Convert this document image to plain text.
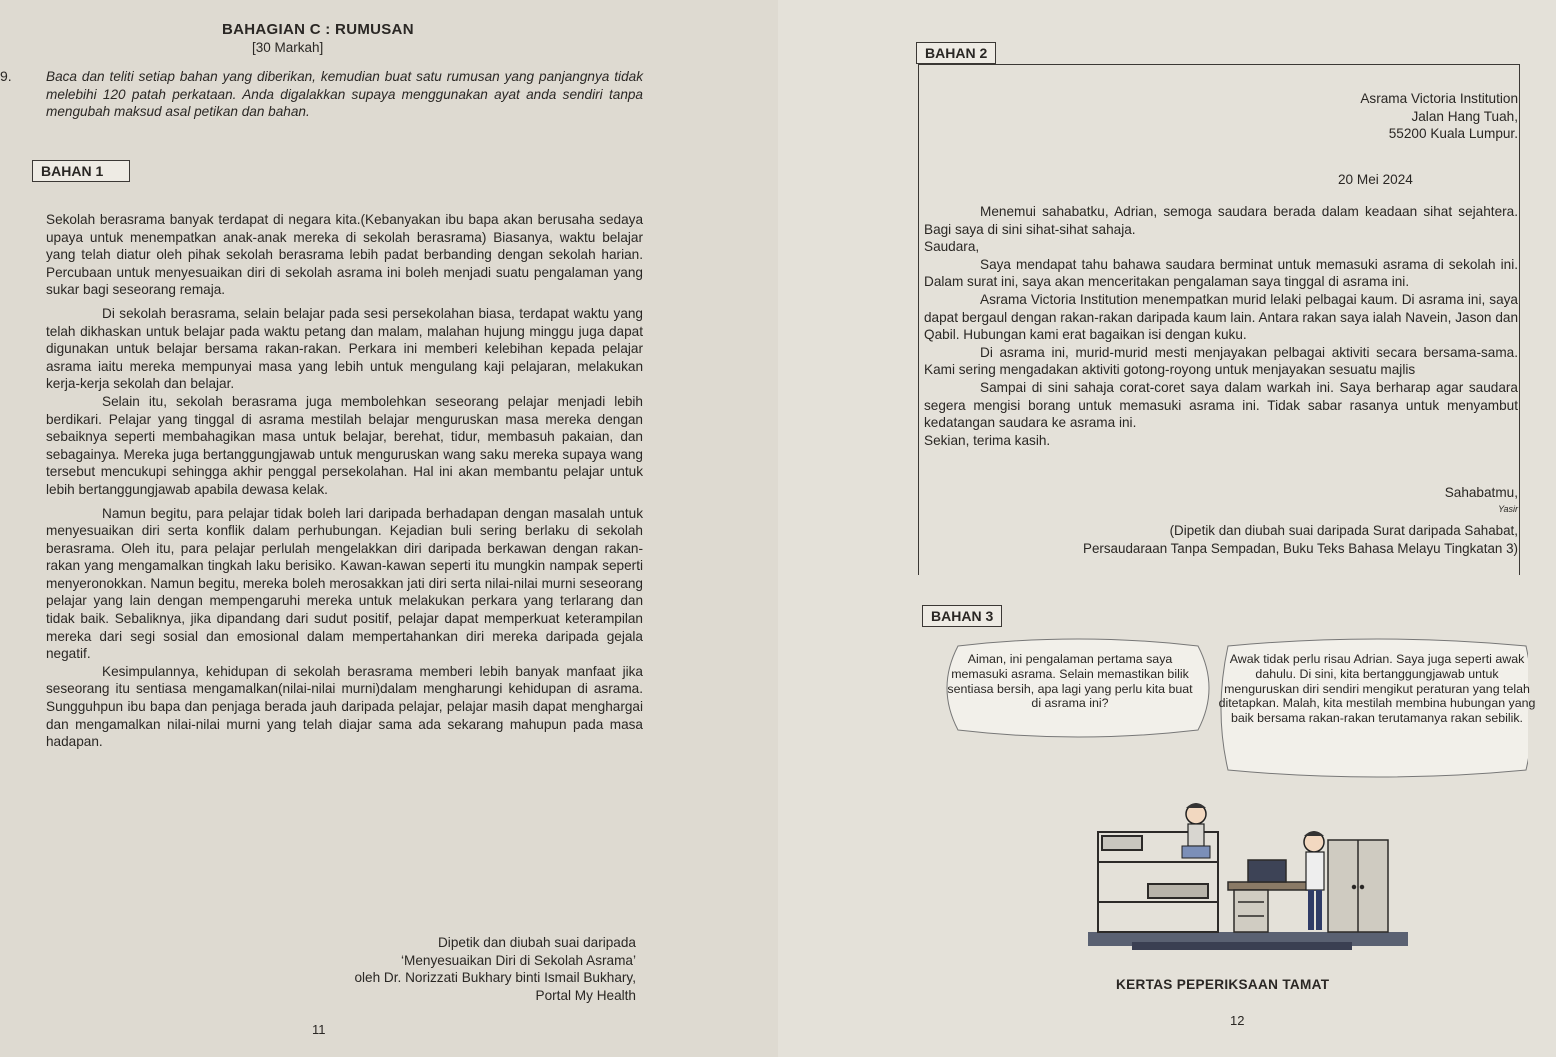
BAHAGIAN C : RUMUSAN
[30 Markah]
9.	Baca dan teliti setiap bahan yang diberikan, kemudian buat satu rumusan yang panjangnya tidak melebihi 120 patah perkataan. Anda digalakkan supaya menggunakan ayat anda sendiri tanpa mengubah maksud asal petikan dan bahan.
BAHAN 1

Sekolah berasrama banyak terdapat di negara kita.(Kebanyakan ibu bapa akan berusaha sedaya upaya untuk menempatkan anak-anak mereka di sekolah berasrama) Biasanya, waktu belajar yang telah diatur oleh pihak sekolah berasrama lebih padat berbanding dengan sekolah harian. Percubaan untuk menyesuaikan diri di sekolah asrama ini boleh menjadi suatu pengalaman yang sukar bagi seseorang remaja.

Di sekolah berasrama, selain belajar pada sesi persekolahan biasa, terdapat waktu yang telah dikhaskan untuk belajar pada waktu petang dan malam, malahan hujung minggu juga dapat digunakan untuk belajar bersama rakan-rakan. Perkara ini memberi kelebihan kepada pelajar asrama iaitu mereka mempunyai masa yang lebih untuk mengulang kaji pelajaran, melakukan kerja-kerja sekolah dan belajar.

Selain itu, sekolah berasrama juga membolehkan seseorang pelajar menjadi lebih berdikari. Pelajar yang tinggal di asrama mestilah belajar menguruskan masa mereka dengan sebaiknya seperti membahagikan masa untuk belajar, berehat, tidur, membasuh pakaian, dan sebagainya. Mereka juga bertanggungjawab untuk menguruskan wang saku mereka supaya wang tersebut mencukupi sehingga akhir penggal persekolahan. Hal ini akan membantu pelajar untuk lebih bertanggungjawab apabila dewasa kelak.

Namun begitu, para pelajar tidak boleh lari daripada berhadapan dengan masalah untuk menyesuaikan diri serta konflik dalam perhubungan. Kejadian buli sering berlaku di sekolah berasrama. Oleh itu, para pelajar perlulah mengelakkan diri daripada berkawan dengan rakan-rakan yang mengamalkan tingkah laku berisiko. Kawan-kawan seperti itu mungkin nampak seperti menyeronokkan. Namun begitu, mereka boleh merosakkan jati diri serta nilai-nilai murni seseorang pelajar yang lain dengan mempengaruhi mereka untuk melakukan perkara yang terlarang dan tidak baik. Sebaliknya, jika dipandang dari sudut positif, pelajar dapat memperkuat keterampilan mereka dari segi sosial dan emosional dalam mempertahankan diri mereka daripada gejala negatif.

Kesimpulannya, kehidupan di sekolah berasrama memberi lebih banyak manfaat jika seseorang itu sentiasa mengamalkan(nilai-nilai murni)dalam mengharungi kehidupan di asrama. Sungguhpun ibu bapa dan penjaga berada jauh daripada pelajar, pelajar masih dapat menghargai dan mengamalkan nilai-nilai murni yang telah diajar sama ada sekarang mahupun pada masa hadapan.

Dipetik dan diubah suai daripada
‘Menyesuaikan Diri di Sekolah Asrama’
oleh Dr. Norizzati Bukhary binti Ismail Bukhary,
Portal My Health
11
BAHAN 2
Asrama Victoria Institution
Jalan Hang Tuah,
55200 Kuala Lumpur.
20 Mei 2024

Menemui sahabatku, Adrian, semoga saudara berada dalam keadaan sihat sejahtera. Bagi saya di sini sihat-sihat sahaja.

Saudara,

Saya mendapat tahu bahawa saudara berminat untuk memasuki asrama di sekolah ini. Dalam surat ini, saya akan menceritakan pengalaman saya tinggal di asrama ini.

Asrama Victoria Institution menempatkan murid lelaki pelbagai kaum. Di asrama ini, saya dapat bergaul dengan rakan-rakan daripada kaum lain. Antara rakan saya ialah Navein, Jason dan Qabil. Hubungan kami erat bagaikan isi dengan kuku.

Di asrama ini, murid-murid mesti menjayakan pelbagai aktiviti secara bersama-sama. Kami sering mengadakan aktiviti gotong-royong untuk menjayakan sesuatu majlis

Sampai di sini sahaja corat-coret saya dalam warkah ini. Saya berharap agar saudara segera mengisi borang untuk memasuki asrama ini. Tidak sabar rasanya untuk menyambut kedatangan saudara ke asrama ini.

Sekian, terima kasih.

Sahabatmu,
Yasir
(Dipetik dan diubah suai daripada Surat daripada Sahabat,
Persaudaraan Tanpa Sempadan, Buku Teks Bahasa Melayu Tingkatan 3)
BAHAN 3
Aiman, ini pengalaman pertama saya memasuki asrama. Selain memastikan bilik sentiasa bersih, apa lagi yang perlu kita buat di asrama ini?
Awak tidak perlu risau Adrian. Saya juga seperti awak dahulu. Di sini, kita bertanggungjawab untuk menguruskan diri sendiri mengikut peraturan yang telah ditetapkan. Malah, kita mestilah membina hubungan yang baik bersama rakan-rakan terutamanya rakan sebilik.
KERTAS PEPERIKSAAN TAMAT
12
